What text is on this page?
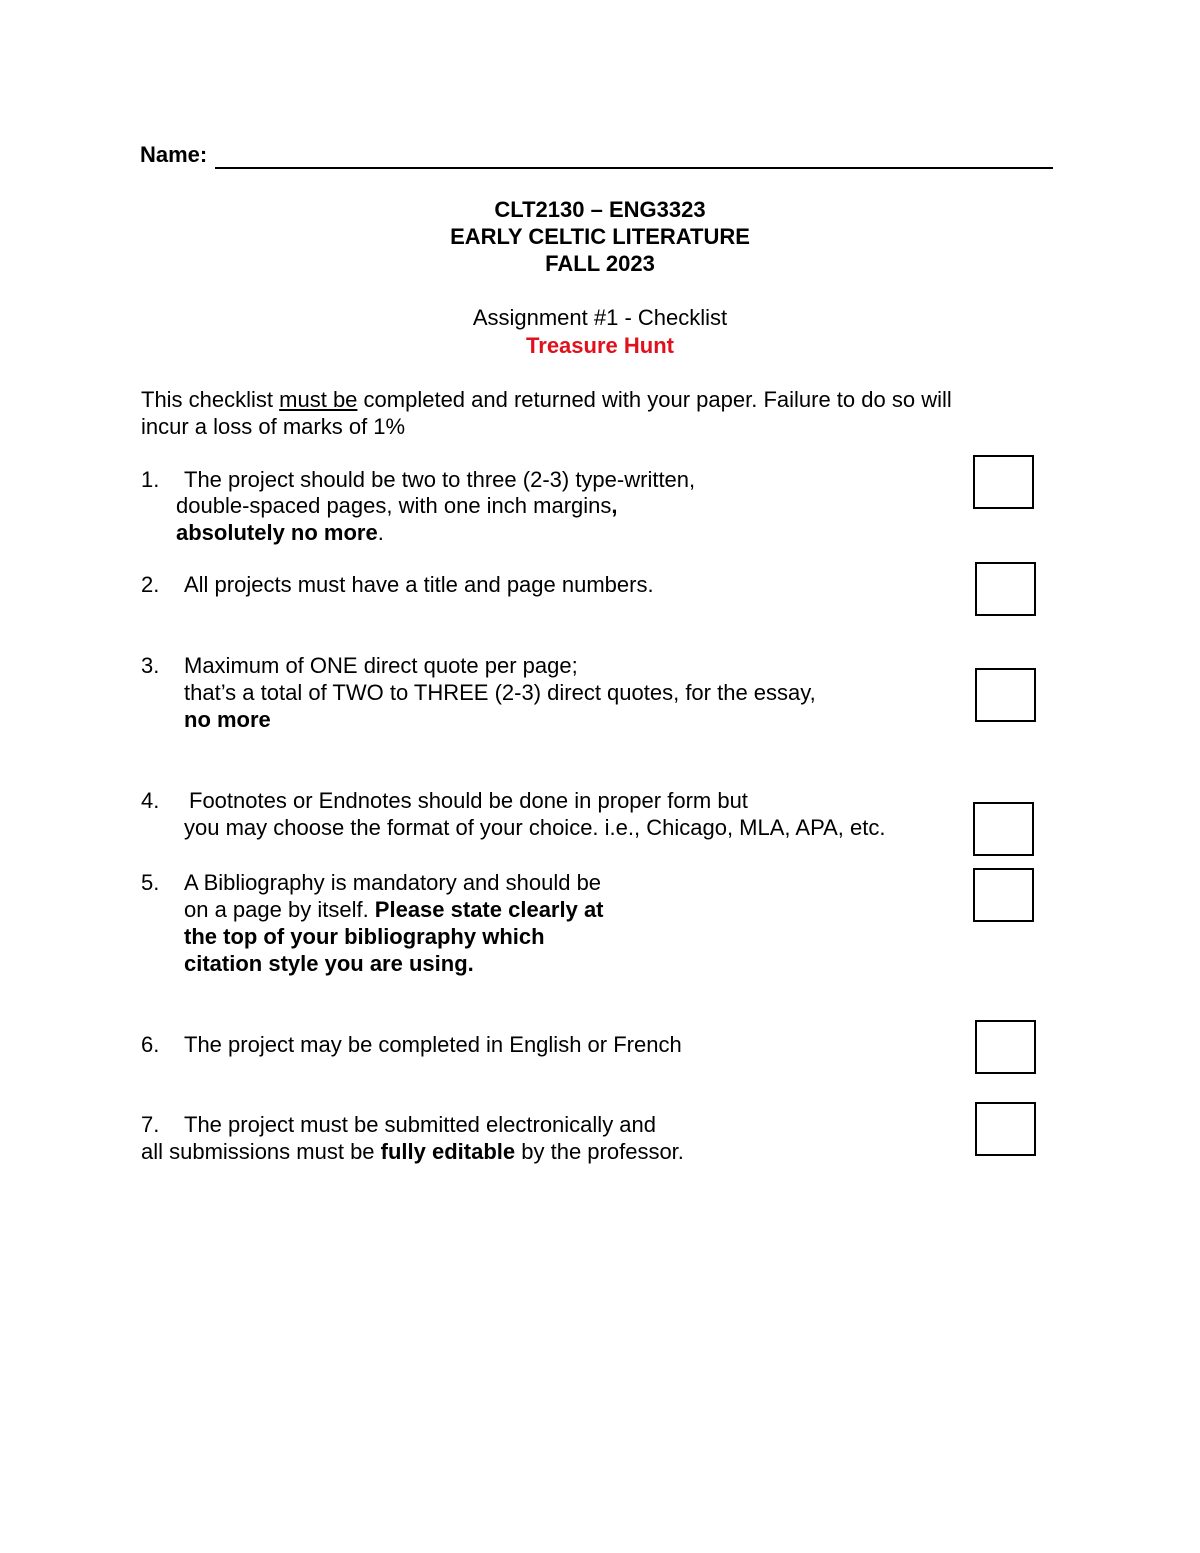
Name:
CLT2130 – ENG3323
EARLY CELTIC LITERATURE
FALL 2023
Assignment #1 - Checklist
Treasure Hunt
This checklist must be completed and returned with your paper. Failure to do so will
incur a loss of marks of 1%
1. The project should be two to three (2-3) type-written,
double-spaced pages, with one inch margins,
absolutely no more.
2. All projects must have a title and page numbers.
3. Maximum of ONE direct quote per page;
that’s a total of TWO to THREE (2-3) direct quotes, for the essay,
no more
4. Footnotes or Endnotes should be done in proper form but
you may choose the format of your choice. i.e., Chicago, MLA, APA, etc.
5. A Bibliography is mandatory and should be
on a page by itself. Please state clearly at
the top of your bibliography which
citation style you are using.
6. The project may be completed in English or French
7. The project must be submitted electronically and
all submissions must be fully editable by the professor.
